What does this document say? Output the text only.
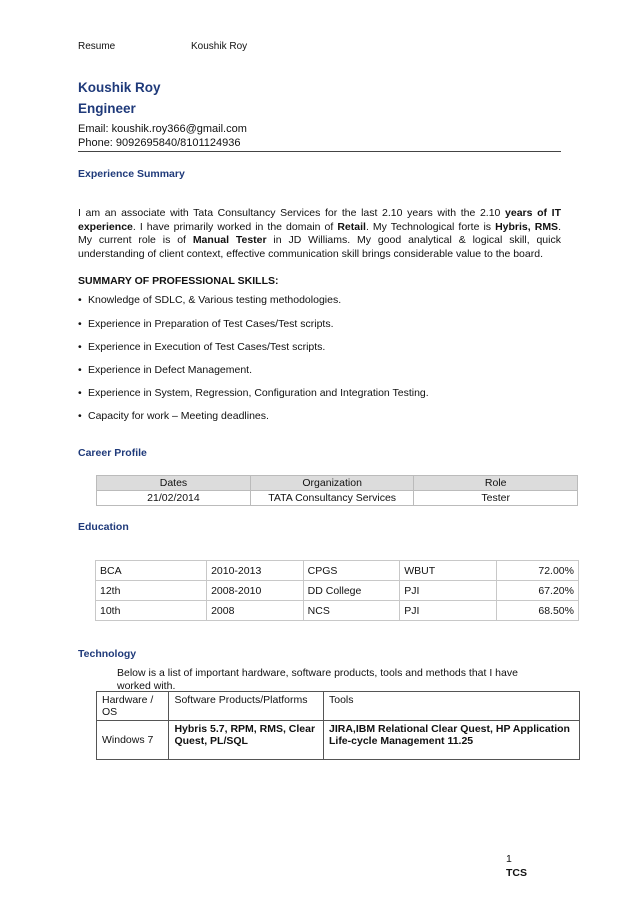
Resume	Koushik Roy
Koushik Roy
Engineer
Email: koushik.roy366@gmail.com
Phone: 9092695840/8101124936
Experience Summary
I am an associate with Tata Consultancy Services for the last 2.10 years with the 2.10 years of IT experience. I have primarily worked in the domain of Retail. My Technological forte is Hybris, RMS. My current role is of Manual Tester in JD Williams. My good analytical & logical skill, quick understanding of client context, effective communication skill brings considerable value to the board.
SUMMARY OF PROFESSIONAL SKILLS:
• Knowledge of SDLC, & Various testing methodologies.
• Experience in Preparation of Test Cases/Test scripts.
• Experience in Execution of Test Cases/Test scripts.
• Experience in Defect Management.
• Experience in System, Regression, Configuration and Integration Testing.
• Capacity for work – Meeting deadlines.
Career Profile
Dates	Organization	Role
21/02/2014	TATA Consultancy Services	Tester
Education
BCA	2010-2013	CPGS	WBUT	72.00%
12th	2008-2010	DD College	PJI	67.20%
10th	2008	NCS	PJI	68.50%
Technology
Below is a list of important hardware, software products, tools and methods that I have worked with.
Hardware / OS	Software Products/Platforms	Tools
Windows 7	Hybris 5.7, RPM, RMS, Clear Quest, PL/SQL	JIRA,IBM Relational Clear Quest, HP Application Life-cycle Management 11.25
1
TCS
